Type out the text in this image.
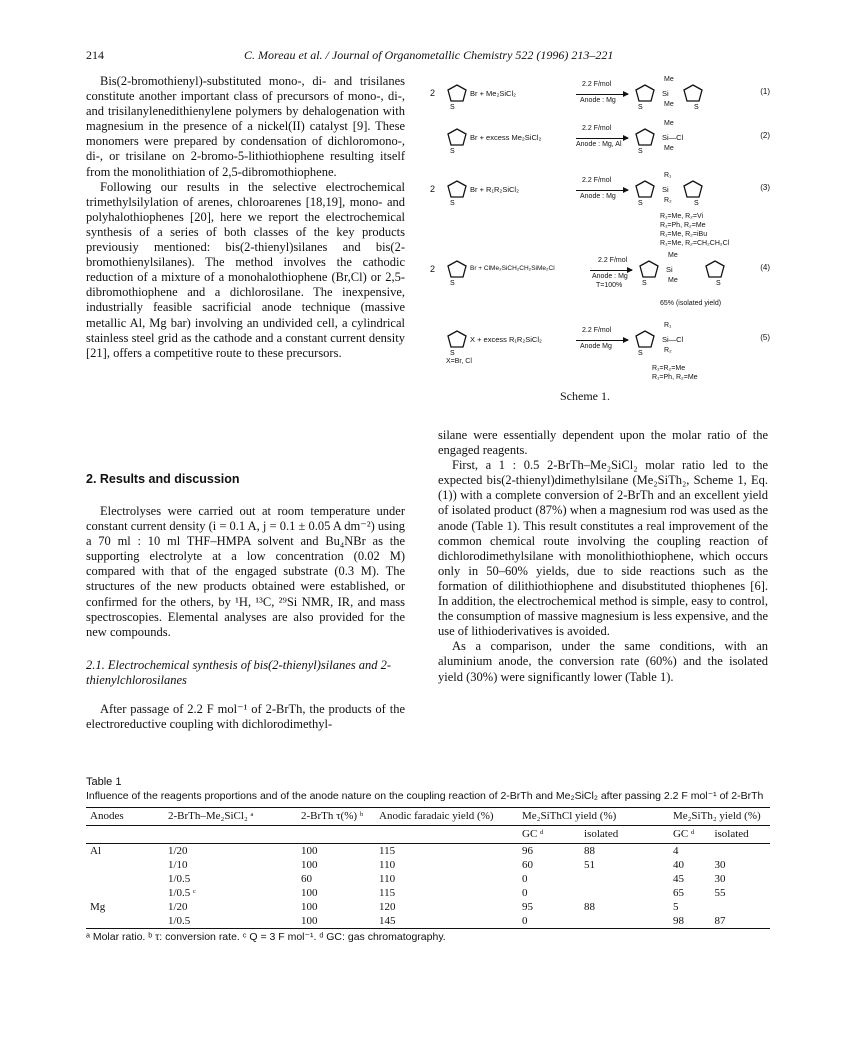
214	C. Moreau et al. / Journal of Organometallic Chemistry 522 (1996) 213–221

Bis(2-bromothienyl)-substituted mono-, di- and trisilanes constitute another important class of precursors of mono-, di-, and trisilanylenedithienylene polymers by dehalogenation with magnesium in the presence of a nickel(II) catalyst [9]. These monomers were prepared by condensation of dichloromono-, di-, or trisilane on 2-bromo-5-lithiothiophene resulting itself from the monolithiation of 2,5-dibromothiophene.

Following our results in the selective electrochemical trimethylsilylation of arenes, chloroarenes [18,19], mono- and polyhalothiophenes [20], here we report the electrochemical synthesis of a series of both classes of the key products previousiy mentioned: bis(2-thienyl)silanes and bis(2-bromothienylsilanes). The method involves the cathodic reduction of a mixture of a monohalothiophene (Br,Cl) or 2,5-dibromothiophene and a dichlorosilane. The inexpensive, industrially feasible sacrificial anode technique (massive metallic Al, Mg bar) involving an undivided cell, a cylindrical stainless steel grid as the cathode and a constant current density [21], offers a competitive route to these precursors.

2. Results and discussion

Electrolyses were carried out at room temperature under constant current density (i = 0.1 A, j = 0.1 ± 0.05 A dm⁻²) using a 70 ml : 10 ml THF–HMPA solvent and Bu₄NBr as the supporting electrolyte at a low concentration (0.02 M) compared with that of the engaged substrate (0.3 M). The structures of the new products obtained were established, or confirmed for the others, by ¹H, ¹³C, ²⁹Si NMR, IR, and mass spectroscopies. Elemental analyses are also provided for the new compounds.

2.1. Electrochemical synthesis of bis(2-thienyl)silanes and 2-thienylchlorosilanes

After passage of 2.2 F mol⁻¹ of 2-BrTh, the products of the electroreductive coupling with dichlorodimethyl-

2
S
Br + Me₂SiCl₂
2.2 F/mol
Anode : Mg
S
Me
Si
Me	S
(1)
S
Br + excess Me₂SiCl₂
2.2 F/mol
Anode : Mg, Al
S
Me
Si—Cl
Me
(2)
2
S
Br + R₁R₂SiCl₂
2.2 F/mol
Anode : Mg
S
R₁
Si
R₂	S
(3)
R₁=Me, R₂=Vi
R₁=Ph, R₂=Me
R₁=Me, R₂=iBu
R₁=Me, R₂=CH₂CH₂Cl
2
S
Br + ClMe₂SiCH₂CH₂SiMe₂Cl
2.2 F/mol
Anode : Mg
T=100%	S
Me
Si
Me	S
(4)
65% (isolated yield)
S
X + excess R₁R₂SiCl₂
X=Br, Cl
2.2 F/mol
Anode Mg
S
R₁
Si—Cl
R₂
(5)
R₁=R₂=Me
R₁=Ph, R₂=Me
Scheme 1.

silane were essentially dependent upon the molar ratio of the engaged reagents.

First, a 1 : 0.5 2-BrTh–Me₂SiCl₂ molar ratio led to the expected bis(2-thienyl)dimethylsilane (Me₂SiTh₂, Scheme 1, Eq. (1)) with a complete conversion of 2-BrTh and an excellent yield of isolated product (87%) when a magnesium rod was used as the anode (Table 1). This result constitutes a real improvement of the common chemical route involving the coupling reaction of dichlorodimethylsilane with monolithiothiophene, which occurs only in 50–60% yields, due to side reactions such as the formation of dilithiothiophene and disubstituted thiophenes [6]. In addition, the electrochemical method is simple, easy to control, the consumption of massive magnesium is less expensive, and the use of lithioderivatives is avoided.

As a comparison, under the same conditions, with an aluminium anode, the conversion rate (60%) and the isolated yield (30%) were significantly lower (Table 1).

Table 1

Influence of the reagents proportions and of the anode nature on the coupling reaction of 2-BrTh and Me₂SiCl₂ after passing 2.2 F mol⁻¹ of 2-BrTh

Anodes	2-BrTh–Me₂SiCl₂ ᵃ	2-BrTh τ(%) ᵇ	Anodic faradaic yield (%)	Me₂SiThCl yield (%)		Me₂SiTh₂ yield (%)	
				GC ᵈ	isolated	GC ᵈ	isolated
Al	1/20	100	115	96	88	4	
	1/10	100	110	60	51	40	30
	1/0.5	60	110	0		45	30
	1/0.5 ᶜ	100	115	0		65	55
Mg	1/20	100	120	95	88	5	
	1/0.5	100	145	0		98	87
ᵃ Molar ratio. ᵇ τ: conversion rate. ᶜ Q = 3 F mol⁻¹. ᵈ GC: gas chromatography.
